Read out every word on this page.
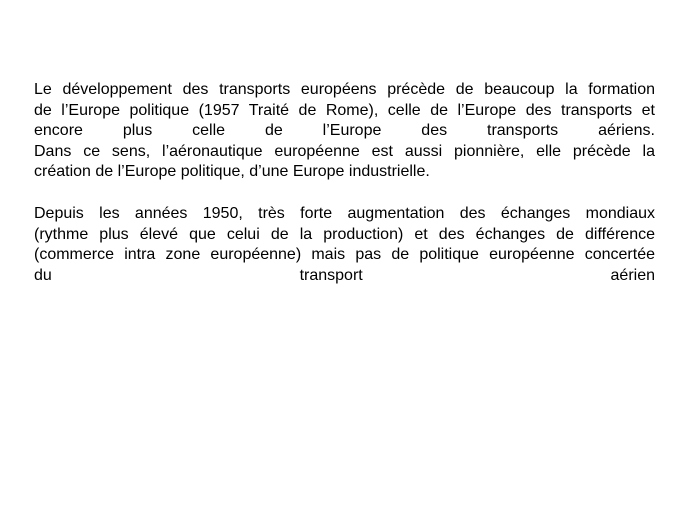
Le développement des transports européens précède de beaucoup la formation
de l’Europe politique (1957 Traité de Rome), celle de l’Europe des transports et
encore plus celle de l’Europe des transports aériens.
Dans ce sens, l’aéronautique européenne est aussi pionnière, elle précède la
création de l’Europe politique, d’une Europe industrielle.
Depuis les années 1950, très forte augmentation des échanges mondiaux
(rythme plus élevé que celui de la production) et des échanges de différence
(commerce intra zone européenne) mais pas de politique européenne concertée
du transport aérien
